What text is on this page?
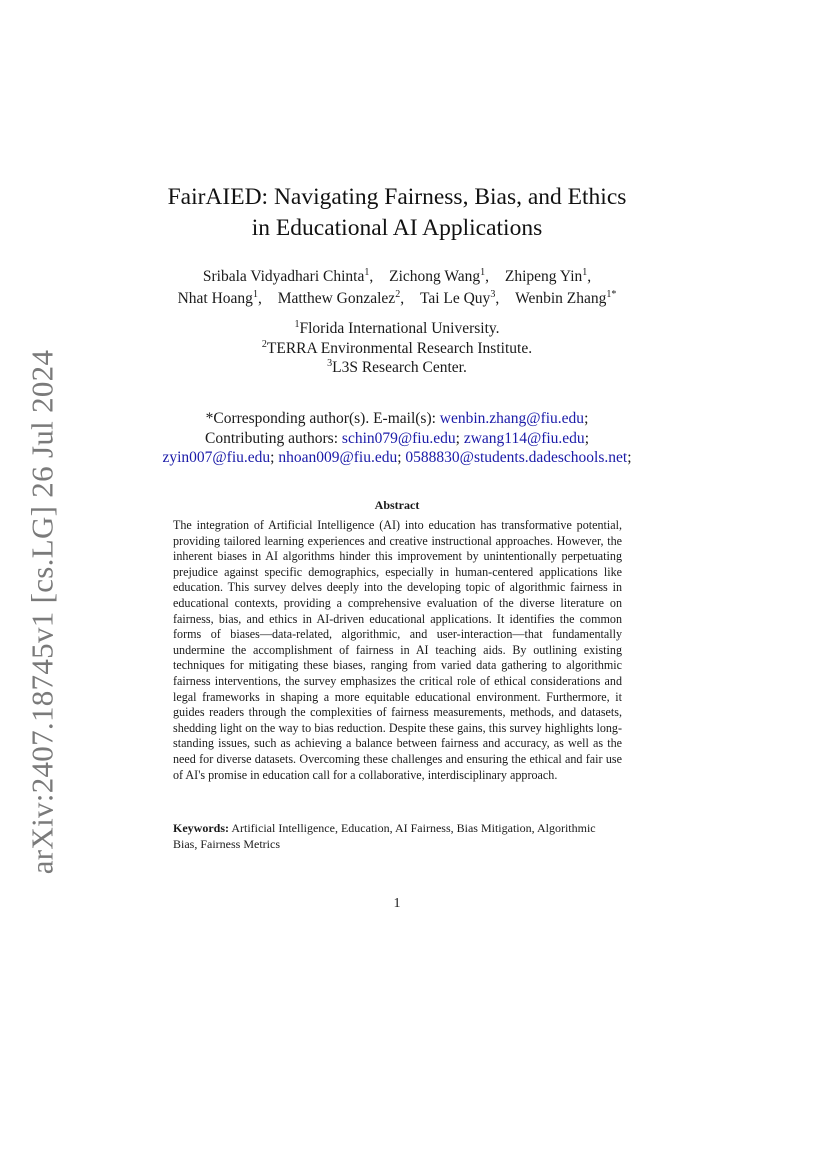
arXiv:2407.18745v1 [cs.LG] 26 Jul 2024
FairAIED: Navigating Fairness, Bias, and Ethics
in Educational AI Applications
Sribala Vidyadhari Chinta$^1$, Zichong Wang$^1$, Zhipeng Yin$^1$,
Nhat Hoang$^1$, Matthew Gonzalez$^2$, Tai Le Quy$^3$, Wenbin Zhang$^{1*}$
$^1$Florida International University.
$^2$TERRA Environmental Research Institute.
$^3$L3S Research Center.
*Corresponding author(s). E-mail(s): wenbin.zhang@fiu.edu;
Contributing authors: schin079@fiu.edu; zwang114@fiu.edu;
zyin007@fiu.edu; nhoan009@fiu.edu; 0588830@students.dadeschools.net;
Abstract
The integration of Artificial Intelligence (AI) into education has transformative potential, providing tailored learning experiences and creative instructional approaches. However, the inherent biases in AI algorithms hinder this improvement by unintentionally perpetuating prejudice against specific demographics, especially in human-centered applications like education. This survey delves deeply into the developing topic of algorithmic fairness in educational contexts, providing a comprehensive evaluation of the diverse literature on fairness, bias, and ethics in AI-driven educational applications. It identifies the common forms of biases—data-related, algorithmic, and user-interaction—that fundamentally undermine the accomplishment of fairness in AI teaching aids. By outlining existing techniques for mitigating these biases, ranging from varied data gathering to algorithmic fairness interventions, the survey emphasizes the critical role of ethical considerations and legal frameworks in shaping a more equitable educational environment. Furthermore, it guides readers through the complexities of fairness measurements, methods, and datasets, shedding light on the way to bias reduction. Despite these gains, this survey highlights long-standing issues, such as achieving a balance between fairness and accuracy, as well as the need for diverse datasets. Overcoming these challenges and ensuring the ethical and fair use of AI's promise in education call for a collaborative, interdisciplinary approach.
Keywords: Artificial Intelligence, Education, AI Fairness, Bias Mitigation, Algorithmic Bias, Fairness Metrics
1
